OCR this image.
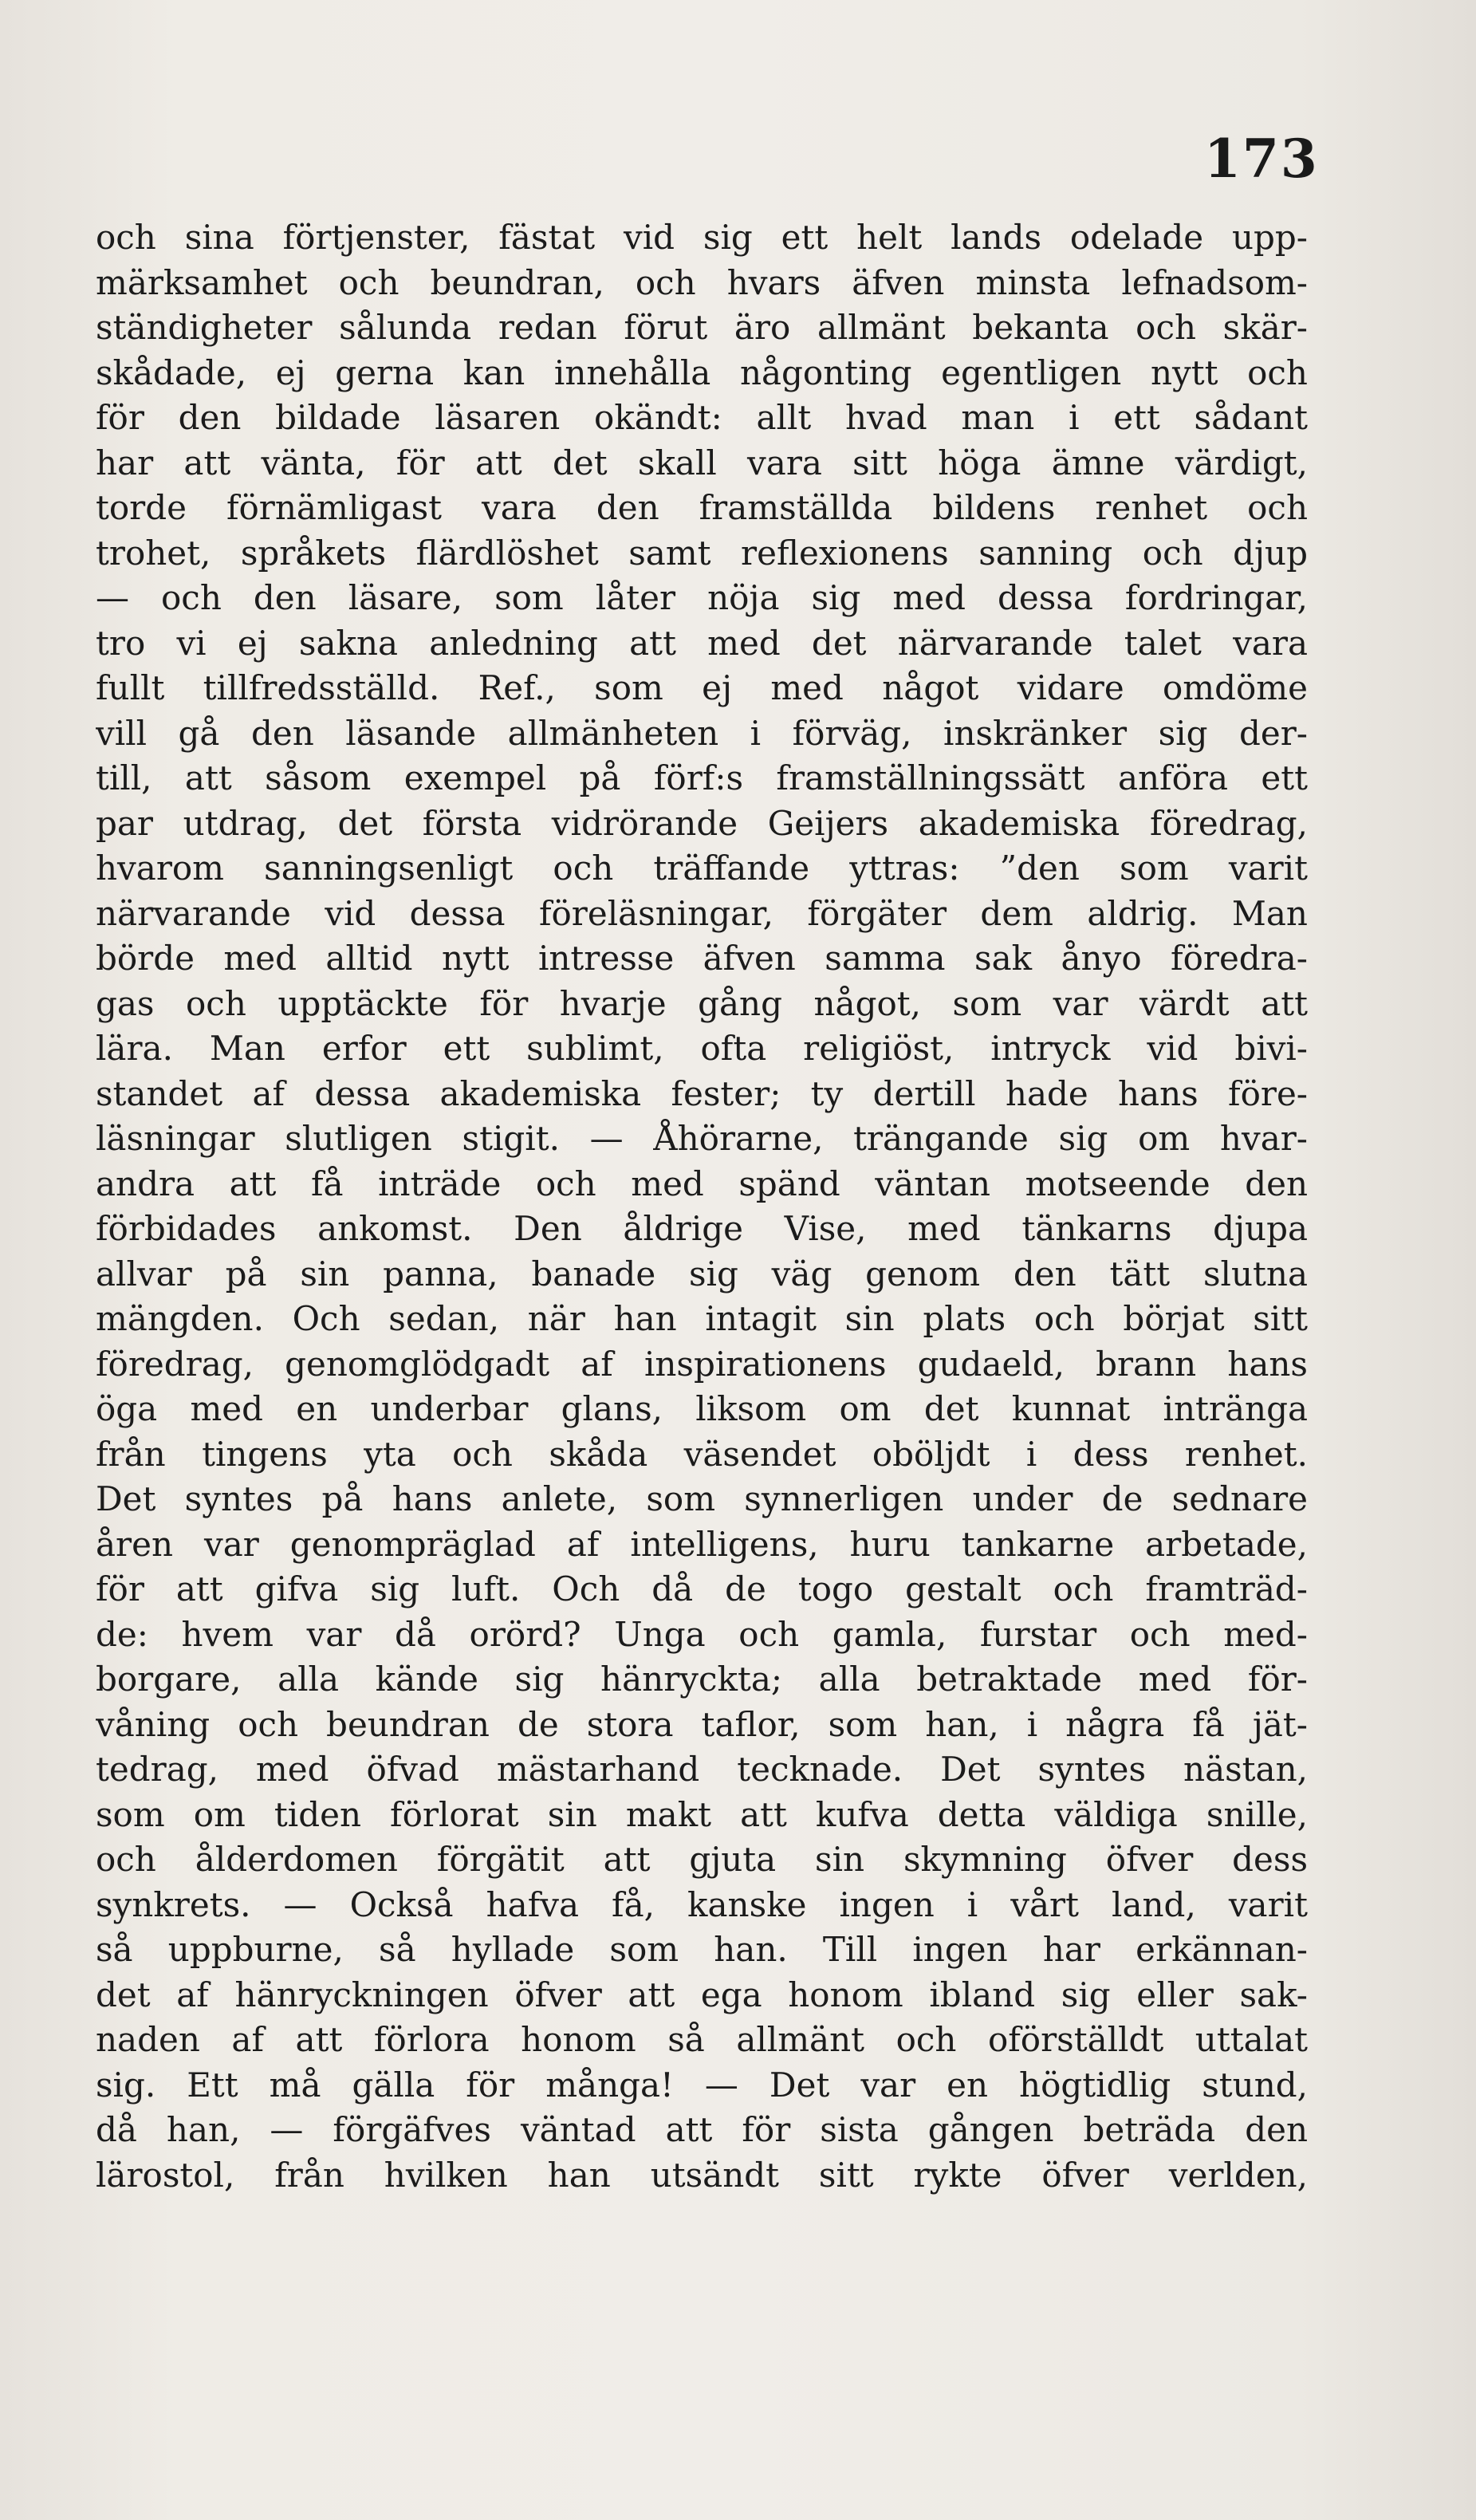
173
och sina förtjenster, fästat vid sig ett helt lands odelade upp-
märksamhet och beundran, och hvars äfven minsta lefnadsom-
ständigheter sålunda redan förut äro allmänt bekanta och skär-
skådade, ej gerna kan innehålla någonting egentligen nytt och
för den bildade läsaren okändt: allt hvad man i ett sådant
har att vänta, för att det skall vara sitt höga ämne värdigt,
torde förnämligast vara den framställda bildens renhet och
trohet, språkets flärdlöshet samt reflexionens sanning och djup
— och den läsare, som låter nöja sig med dessa fordringar,
tro vi ej sakna anledning att med det närvarande talet vara
fullt tillfredsställd. Ref., som ej med något vidare omdöme
vill gå den läsande allmänheten i förväg, inskränker sig der-
till, att såsom exempel på förf:s framställningssätt anföra ett
par utdrag, det första vidrörande Geijers akademiska föredrag,
hvarom sanningsenligt och träffande yttras: ”den som varit
närvarande vid dessa föreläsningar, förgäter dem aldrig. Man
börde med alltid nytt intresse äfven samma sak ånyo föredra-
gas och upptäckte för hvarje gång något, som var värdt att
lära. Man erfor ett sublimt, ofta religiöst, intryck vid bivi-
standet af dessa akademiska fester; ty dertill hade hans före-
läsningar slutligen stigit. — Åhörarne, trängande sig om hvar-
andra att få inträde och med spänd väntan motseende den
förbidades ankomst. Den åldrige Vise, med tänkarns djupa
allvar på sin panna, banade sig väg genom den tätt slutna
mängden. Och sedan, när han intagit sin plats och börjat sitt
föredrag, genomglödgadt af inspirationens gudaeld, brann hans
öga med en underbar glans, liksom om det kunnat inträngа
från tingens yta och skåda väsendet oböljdt i dess renhet.
Det syntes på hans anlete, som synnerligen under de sednare
åren var genompräglad af intelligens, huru tankarne arbetade,
för att gifva sig luft. Och då de togo gestalt och framträd-
de: hvem var då orörd? Unga och gamla, furstar och med-
borgare, alla kände sig hänryckta; alla betraktade med för-
våning och beundran de stora taflor, som han, i några få jät-
tedrag, med öfvad mästarhand tecknade. Det syntes nästan,
som om tiden förlorat sin makt att kufva detta väldiga snille,
och ålderdomen förgätit att gjuta sin skymning öfver dess
synkrets. — Också hafva få, kanske ingen i vårt land, varit
så uppburne, så hyllade som han. Till ingen har erkännan-
det af hänryckningen öfver att ega honom ibland sig eller sak-
naden af att förlora honom så allmänt och oförställdt uttalat
sig. Ett må gälla för många! — Det var en högtidlig stund,
då han, — förgäfves väntad att för sista gången beträda den
lärostol, från hvilken han utsändt sitt rykte öfver verlden,
